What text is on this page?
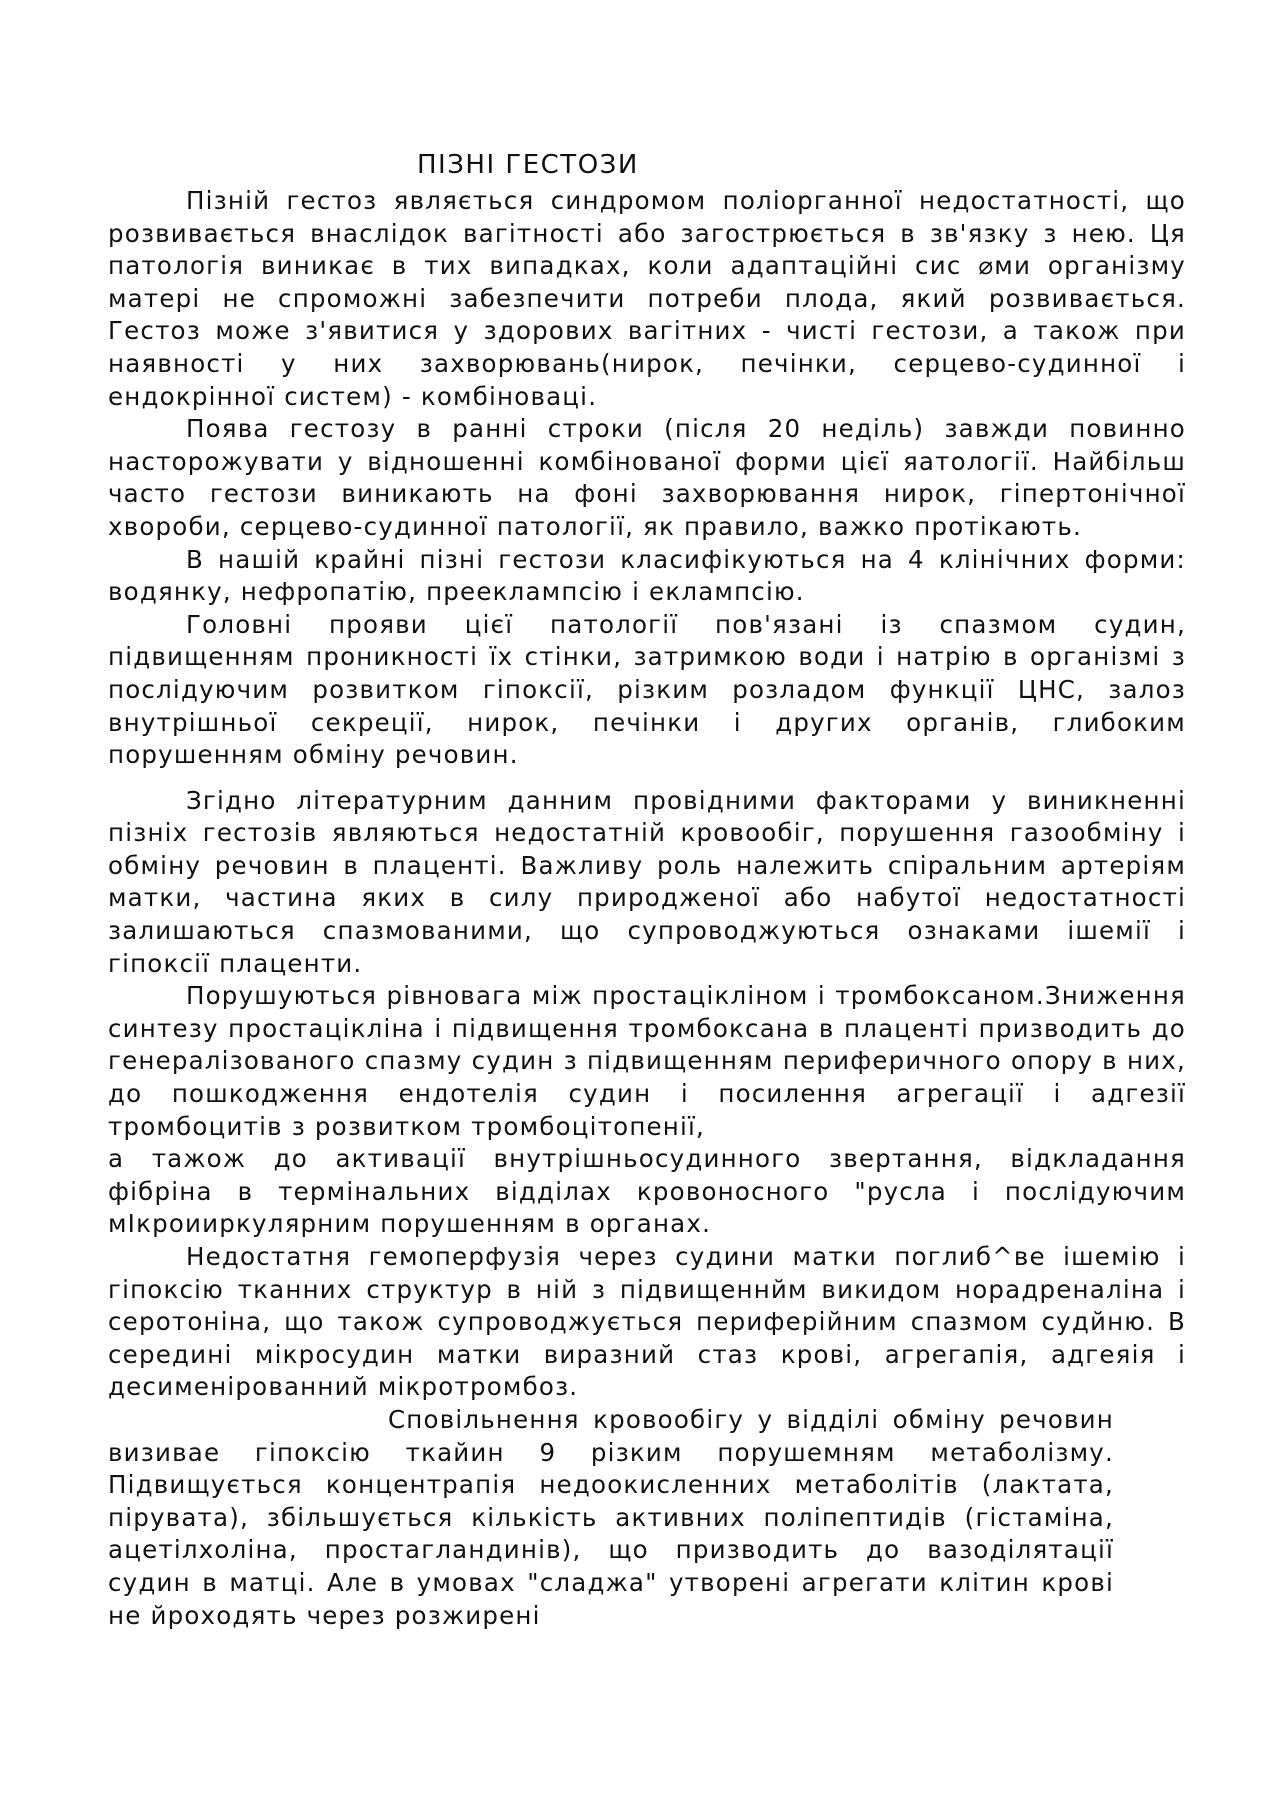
ПІЗНІ ГЕСТОЗИ

Пізній гестоз являється синдромом поліорганної недостатності, що розвивається внаслідок вагітності або загострюється в зв'язку з нею. Ця патологія виникає в тих випадках, коли адаптаційні сис ⌀ми організму матері не спроможні забезпечити потреби плода, який розвивається. Гестоз може з'явитися у здорових вагітних - чисті гестози, а також при наявності у них захворювань(нирок, печінки, серцево-судинної і ендокрінної систем) - комбіноваці.

Поява гестозу в ранні строки (після 20 неділь) завжди повинно насторожувати у відношенні комбінованої форми цієї яатології. Найбільш часто гестози виникають на фоні захворювання нирок, гіпертонічної хвороби, серцево-судинної патології, як правило, важко протікають.

В нашій крайні пізні гестози класифікуються на 4 клінічних форми: водянку, нефропатію, прееклампсію і еклампсію.

Головні прояви цієї патології пов'язані із спазмом судин, підвищенням проникності їх стінки, затримкою води і натрію в організмі з послідуючим розвитком гіпоксії, різким розладом функції ЦНС, залоз внутрішньої секреції, нирок, печінки і других органів, глибоким порушенням обміну речовин.

Згідно літературним данним провідними факторами у виникненні пізніх гестозів являються недостатній кровообіг, порушення газообміну і обміну речовин в плаценті. Важливу роль належить спіральним артеріям матки, частина яких в силу природженої або набутої недостатності залишаються спазмованими, що супроводжуються ознаками ішемії і гіпоксії плаценти.

Порушуються рівновага між простацікліном і тромбоксаном.Зниження синтезу простацікліна і підвищення тромбоксана в плаценті призводить до генералізованого спазму судин з підвищенням периферичного опору в них, до пошкодження ендотелія судин і посилення агрегації і адгезії тромбоцитів з розвитком тромбоцітопенії,

а тажож до активації внутрішньосудинного звертання, відкладання фібріна в термінальних відділах кровоносного "русла і послідуючим мІкроииркулярним порушенням в органах.

Недостатня гемоперфузія через судини матки поглиб^ве ішемію і гіпоксію тканних структур в ній з підвищеннйм викидом норадреналіна і серотоніна, що також супроводжується периферійним спазмом судйню. В середині мікросудин матки виразний стаз крові, агрегапія, адгеяія і десименірованний мікротромбоз.

Сповільнення кровообігу у відділі обміну речовин визивае гіпоксію ткайин 9 різким порушемням метаболізму. Підвищується концентрапія недоокисленних метаболітів (лактата, пірувата), збільшується кількість активних поліпептидів (гістаміна, ацетілхоліна, простагландинів), що призводить до вазоділятації судин в матці. Але в умовах "сладжа" утворені агрегати клітин крові не йроходять через розжирені
